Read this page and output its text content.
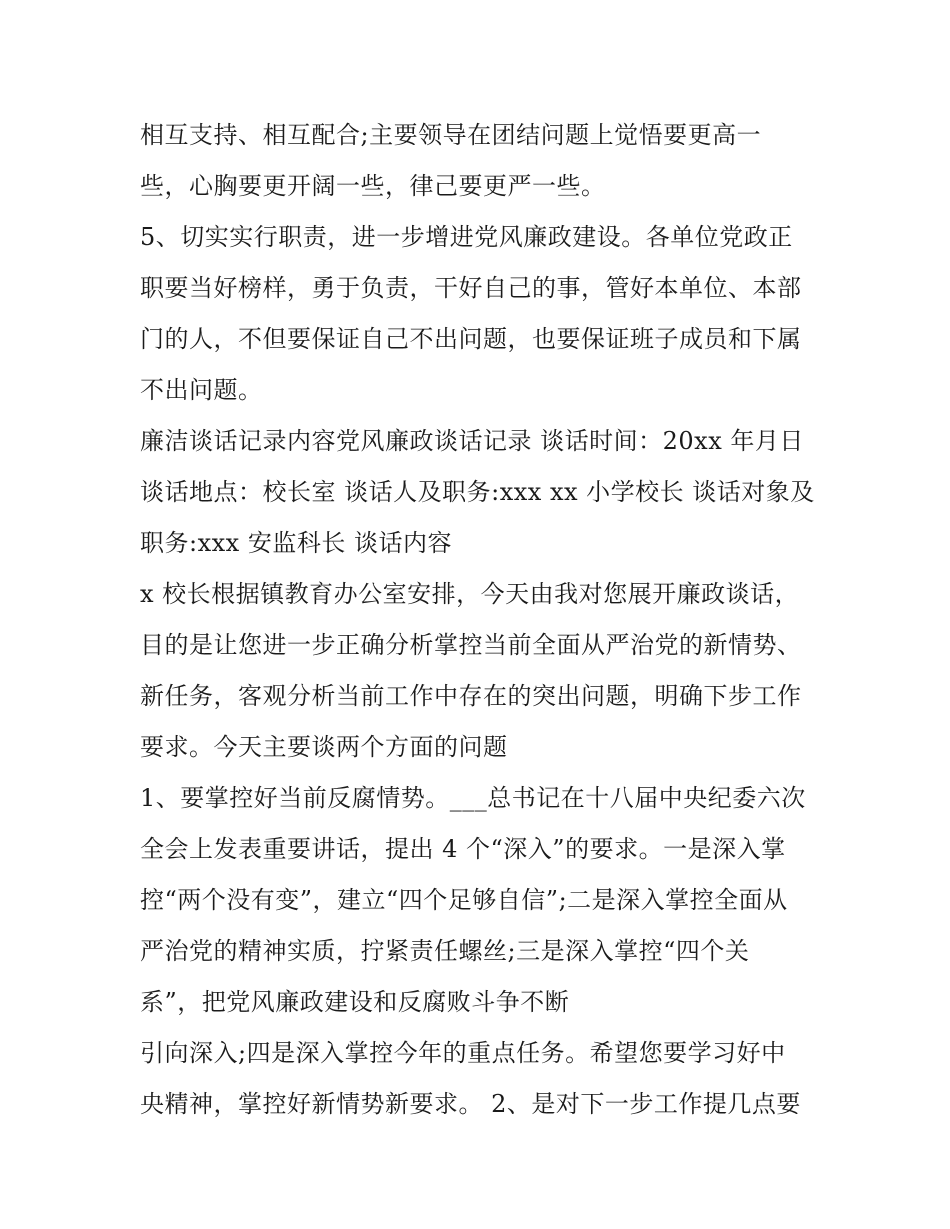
相互支持、相互配合;主要领导在团结问题上觉悟要更高一
些，心胸要更开阔一些，律己要更严一些。
5、切实实行职责，进一步增进党风廉政建设。各单位党政正
职要当好榜样，勇于负责，干好自己的事，管好本单位、本部
门的人，不但要保证自己不出问题，也要保证班子成员和下属
不出问题。
廉洁谈话记录内容党风廉政谈话记录 谈话时间：20xx 年月日
谈话地点：校长室 谈话人及职务:xxx xx 小学校长 谈话对象及
职务:xxx 安监科长 谈话内容
x 校长根据镇教育办公室安排，今天由我对您展开廉政谈话，
目的是让您进一步正确分析掌控当前全面从严治党的新情势、
新任务，客观分析当前工作中存在的突出问题，明确下步工作
要求。今天主要谈两个方面的问题
1、要掌控好当前反腐情势。___总书记在十八届中央纪委六次
全会上发表重要讲话，提出 4 个“深入”的要求。一是深入掌
控“两个没有变”，建立“四个足够自信”;二是深入掌控全面从
严治党的精神实质，拧紧责任螺丝;三是深入掌控“四个关
系”，把党风廉政建设和反腐败斗争不断
引向深入;四是深入掌控今年的重点任务。希望您要学习好中
央精神，掌控好新情势新要求。 2、是对下一步工作提几点要
